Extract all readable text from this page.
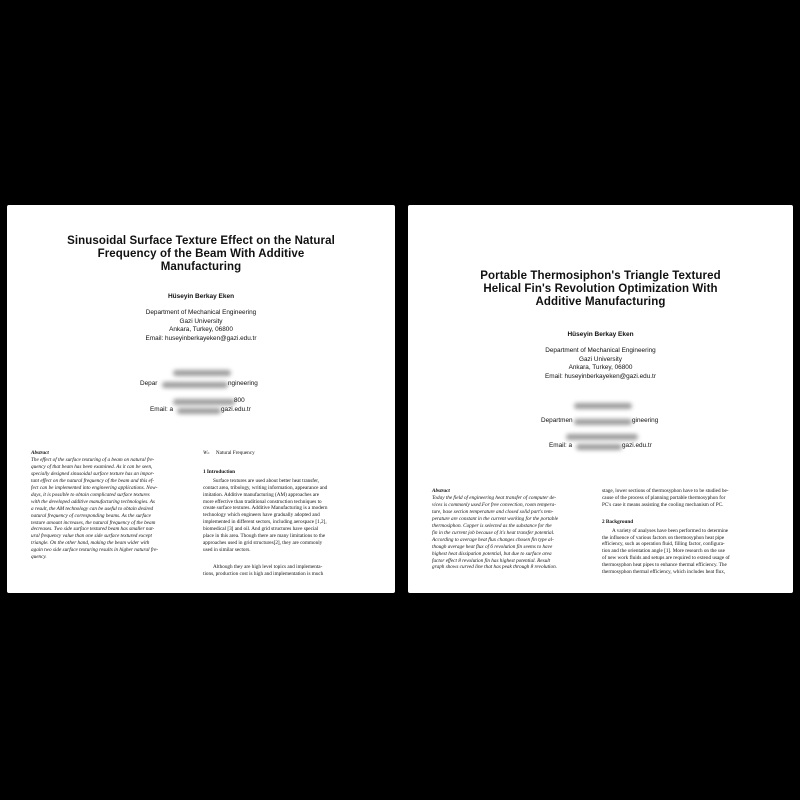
Sinusoidal Surface Texture Effect on the Natural
Frequency of the Beam With Additive
Manufacturing
Hüseyin Berkay Eken
Department of Mechanical Engineering
Gazi University
Ankara, Turkey, 06800
Email: huseyinberkayeken@gazi.edu.tr
Depar	ngineering
800
Email: a	gazi.edu.tr
Abstract
The effect of the surface texturing of a beam on natural fre-
quency of that beam has been examined. As it can be seen,
specially designed sinusoidal surface texture has an impor-
tant effect on the natural frequency of the beam and this ef-
fect can be implemented into engineering applications. Now-
days, it is possible to obtain complicated surface textures
with the developed additive manufacturing technologies. As
a result, the AM technology can be useful to obtain desired
natural frequency of corresponding beams. As the surface
texture amount increases, the natural frequency of the beam
decreases. Two side surface textured beam has smaller nat-
ural frequency value than one side surface textured except
triangle. On the other hand, making the beam wider with
again two side surface texturing results in higher natural fre-
quency.
Wₙ Natural Frequency
1 Introduction
Surface textures are used about better heat transfer,
contact area, tribology, writing information, appearance and
imitation. Additive manufacturing (AM) approaches are
more effective than traditional construction techniques to
create surface textures. Additive Manufacturing is a modern
technology which engineers have gradually adopted and
implemented in different sectors, including aerospace [1,2],
biomedical [3] and oil. And grid structures have special
place in this area. Though there are many limitations to the
approaches used in grid structures[2], they are commonly
used in similar sectors.
Although they are high level topics and implementa-
tions, production cost is high and implementation is much
Portable Thermosiphon's Triangle Textured
Helical Fin's Revolution Optimization With
Additive Manufacturing
Hüseyin Berkay Eken
Department of Mechanical Engineering
Gazi University
Ankara, Turkey, 06800
Email: huseyinberkayeken@gazi.edu.tr
Departmen	gineering
Email: a	gazi.edu.tr
Abstract
Today the field of engineering heat transfer of computer de-
vices is commonly used.For free convection, room tempera-
ture, base section temperature and closed solid part's tem-
perature are constant in the current working for the portable
thermosiphon. Copper is selected as the substance for the
fin in the current job because of it's heat transfer potential.
According to average heat flux changes chosen fin type al-
though average heat flux of 6 revolution fin seems to have
highest heat dissipation potential, but due to surface area
factor effect 8 revolution fin has highest potential. Result
graph shows curved line that has peak through 8 revolution.
stage, lower sections of thermosyphon have to be studied be-
cause of the process of planning portable thermosyphon for
PC's case it means assisting the cooling mechanism of PC.
2 Background
A variety of analyses have been performed to determine
the influence of various factors on thermosyphon heat pipe
efficiency, such as operation fluid, filling factor, configura-
tion and the orientation angle [1]. More research on the use
of new work fluids and setups are required to extend usage of
thermosyphon heat pipes to enhance thermal efficiency. The
thermosyphon thermal efficiency, which includes heat flux,
